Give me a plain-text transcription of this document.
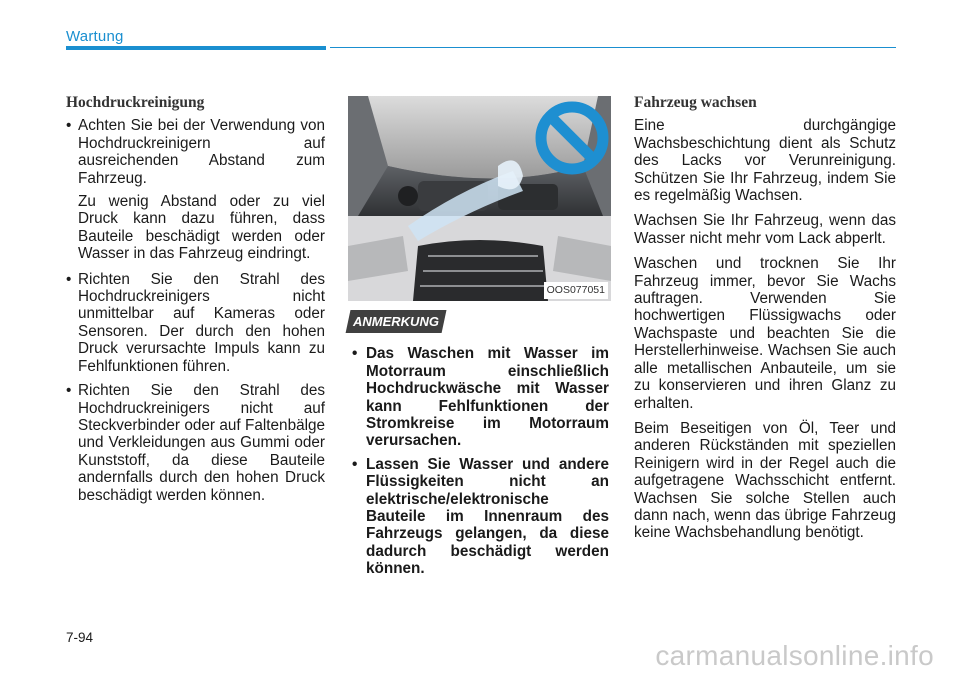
Wartung
Hochdruckreinigung
• Achten Sie bei der Verwendung von Hochdruckreinigern auf ausreichenden Abstand zum Fahrzeug.
Zu wenig Abstand oder zu viel Druck kann dazu führen, dass Bauteile beschädigt werden oder Wasser in das Fahrzeug eindringt.
• Richten Sie den Strahl des Hochdruckreinigers nicht unmittelbar auf Kameras oder Sensoren. Der durch den hohen Druck verursachte Impuls kann zu Fehlfunktionen führen.
• Richten Sie den Strahl des Hochdruckreinigers nicht auf Steckverbinder oder auf Faltenbälge und Verkleidungen aus Gummi oder Kunststoff, da diese Bauteile andernfalls durch den hohen Druck beschädigt werden können.
OOS077051
ANMERKUNG
• Das Waschen mit Wasser im Motorraum einschließlich Hochdruckwäsche mit Wasser kann Fehlfunktionen der Stromkreise im Motorraum verursachen.
• Lassen Sie Wasser und andere Flüssigkeiten nicht an elektrische/elektronische Bauteile im Innenraum des Fahrzeugs gelangen, da diese dadurch beschädigt werden können.
Fahrzeug wachsen

Eine durchgängige Wachsbeschichtung dient als Schutz des Lacks vor Verunreinigung. Schützen Sie Ihr Fahrzeug, indem Sie es regelmäßig Wachsen.

Wachsen Sie Ihr Fahrzeug, wenn das Wasser nicht mehr vom Lack abperlt.

Waschen und trocknen Sie Ihr Fahrzeug immer, bevor Sie Wachs auftragen. Verwenden Sie hochwertigen Flüssigwachs oder Wachspaste und beachten Sie die Herstellerhinweise. Wachsen Sie auch alle metallischen Anbauteile, um sie zu konservieren und ihren Glanz zu erhalten.

Beim Beseitigen von Öl, Teer und anderen Rückständen mit speziellen Reinigern wird in der Regel auch die aufgetragene Wachsschicht entfernt. Wachsen Sie solche Stellen auch dann nach, wenn das übrige Fahrzeug keine Wachsbehandlung benötigt.

7-94
carmanualsonline.info
